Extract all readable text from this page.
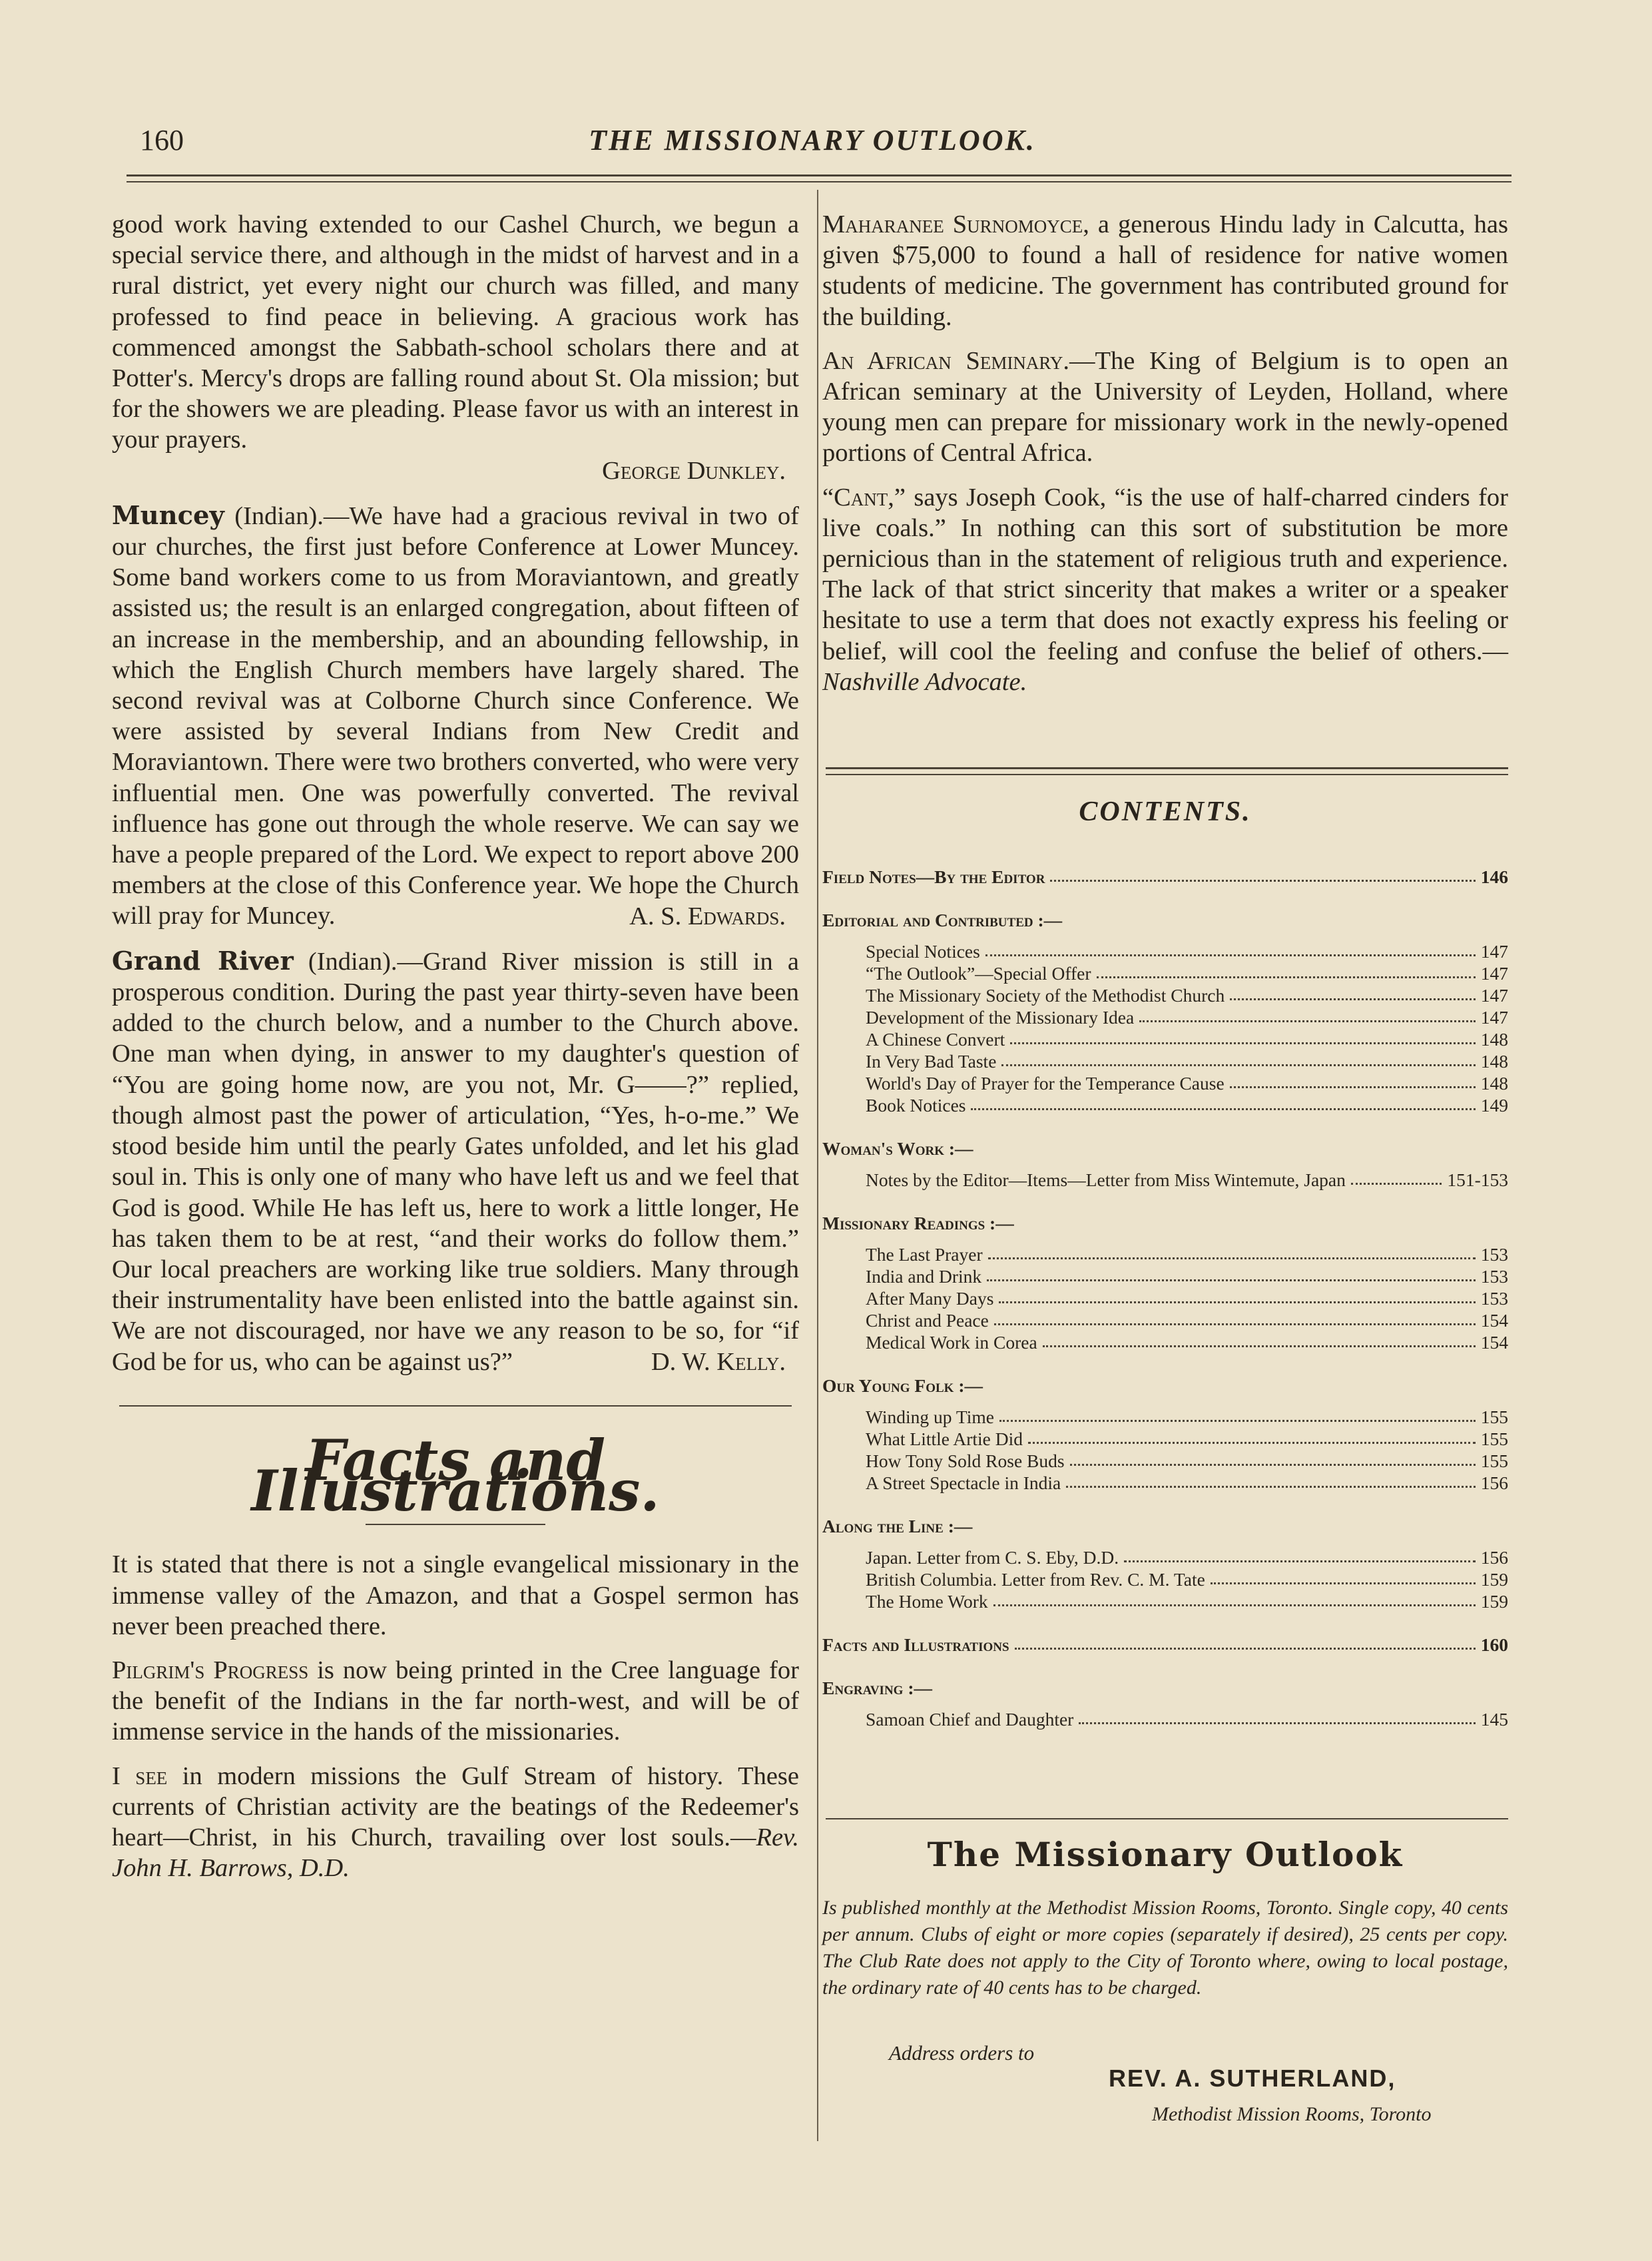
160	THE MISSIONARY OUTLOOK.

good work having extended to our Cashel Church, we begun a special service there, and although in the midst of harvest and in a rural district, yet every night our church was filled, and many professed to find peace in believing. A gracious work has commenced amongst the Sabbath-school scholars there and at Potter's. Mercy's drops are falling round about St. Ola mission; but for the showers we are pleading. Please favor us with an interest in your prayers.

George Dunkley.

Muncey (Indian).—We have had a gracious revival in two of our churches, the first just before Conference at Lower Muncey. Some band workers come to us from Moraviantown, and greatly assisted us; the result is an enlarged congregation, about fifteen of an increase in the membership, and an abounding fellowship, in which the English Church members have largely shared. The second revival was at Colborne Church since Conference. We were assisted by several Indians from New Credit and Moraviantown. There were two brothers converted, who were very influential men. One was powerfully converted. The revival influence has gone out through the whole reserve. We can say we have a people prepared of the Lord. We expect to report above 200 members at the close of this Conference year. We hope the Church will pray for Muncey.	A. S. Edwards.

Grand River (Indian).—Grand River mission is still in a prosperous condition. During the past year thirty-seven have been added to the church below, and a number to the Church above. One man when dying, in answer to my daughter's question of “You are going home now, are you not, Mr. G——?” replied, though almost past the power of articulation, “Yes, h-o-me.” We stood beside him until the pearly Gates unfolded, and let his glad soul in. This is only one of many who have left us and we feel that God is good. While He has left us, here to work a little longer, He has taken them to be at rest, “and their works do follow them.” Our local preachers are working like true soldiers. Many through their instrumentality have been enlisted into the battle against sin. We are not discouraged, nor have we any reason to be so, for “if God be for us, who can be against us?”	D. W. Kelly.
Facts and Illustrations.

It is stated that there is not a single evangelical missionary in the immense valley of the Amazon, and that a Gospel sermon has never been preached there.

Pilgrim's Progress is now being printed in the Cree language for the benefit of the Indians in the far north-west, and will be of immense service in the hands of the missionaries.

I see in modern missions the Gulf Stream of history. These currents of Christian activity are the beatings of the Redeemer's heart—Christ, in his Church, travailing over lost souls.—Rev. John H. Barrows, D.D.

Maharanee Surnomoyce, a generous Hindu lady in Calcutta, has given $75,000 to found a hall of residence for native women students of medicine. The government has contributed ground for the building.

An African Seminary.—The King of Belgium is to open an African seminary at the University of Leyden, Holland, where young men can prepare for missionary work in the newly-opened portions of Central Africa.

“Cant,” says Joseph Cook, “is the use of half-charred cinders for live coals.” In nothing can this sort of substitution be more pernicious than in the statement of religious truth and experience. The lack of that strict sincerity that makes a writer or a speaker hesitate to use a term that does not exactly express his feeling or belief, will cool the feeling and confuse the belief of others.—Nashville Advocate.

CONTENTS.
Field Notes—By the Editor	146
Editorial and Contributed :—
Special Notices	147
“The Outlook”—Special Offer	147
The Missionary Society of the Methodist Church	147
Development of the Missionary Idea	147
A Chinese Convert	148
In Very Bad Taste	148
World's Day of Prayer for the Temperance Cause	148
Book Notices	149
Woman's Work :—
Notes by the Editor—Items—Letter from Miss Wintemute, Japan	151-153
Missionary Readings :—
The Last Prayer	153
India and Drink	153
After Many Days	153
Christ and Peace	154
Medical Work in Corea	154
Our Young Folk :—
Winding up Time	155
What Little Artie Did	155
How Tony Sold Rose Buds	155
A Street Spectacle in India	156
Along the Line :—
Japan. Letter from C. S. Eby, D.D.	156
British Columbia. Letter from Rev. C. M. Tate	159
The Home Work	159
Facts and Illustrations	160
Engraving :—
Samoan Chief and Daughter	145
The Missionary Outlook
Is published monthly at the Methodist Mission Rooms, Toronto. Single copy, 40 cents per annum. Clubs of eight or more copies (separately if desired), 25 cents per copy. The Club Rate does not apply to the City of Toronto where, owing to local postage, the ordinary rate of 40 cents has to be charged.
Address orders to
REV. A. SUTHERLAND,
Methodist Mission Rooms, Toronto
